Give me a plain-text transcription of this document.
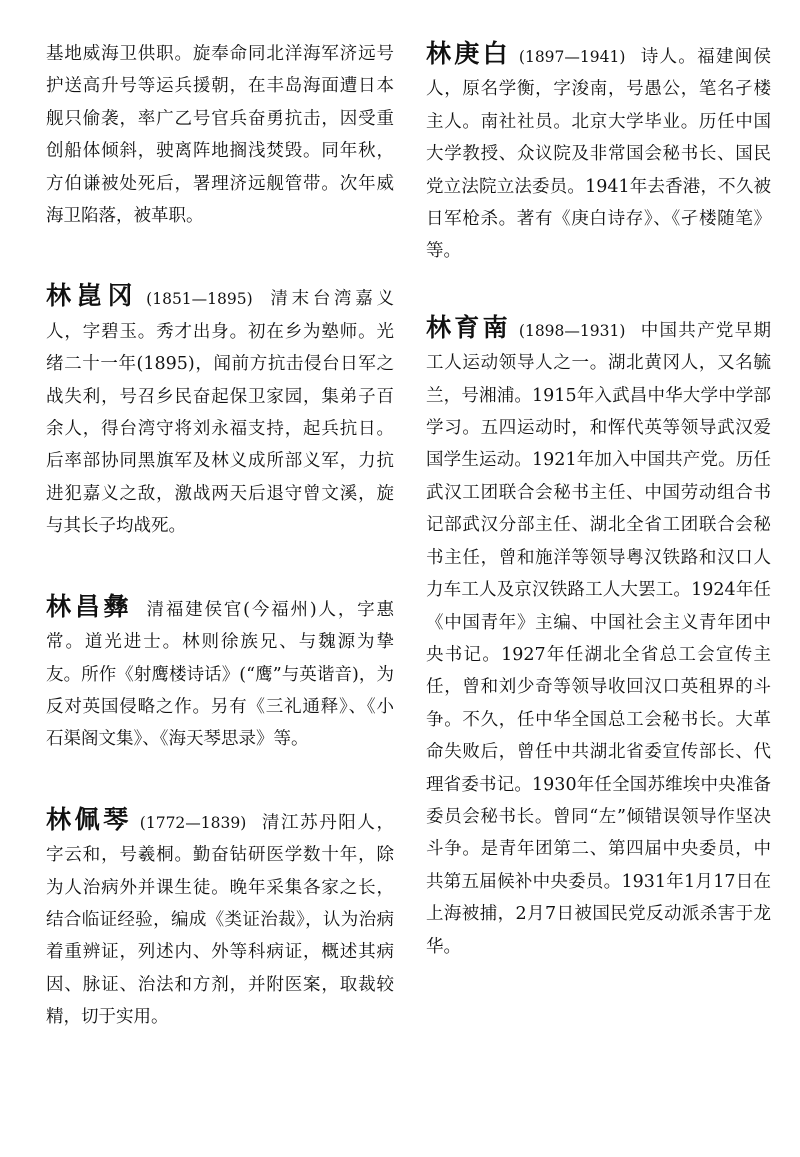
基地威海卫供职。旋奉命同北洋海军济远号护送高升号等运兵援朝，在丰岛海面遭日本舰只偷袭，率广乙号官兵奋勇抗击，因受重创船体倾斜，驶离阵地搁浅焚毁。同年秋，方伯谦被处死后，署理济远舰管带。次年威海卫陷落，被革职。
林崑冈 (1851—1895) 清末台湾嘉义人，字碧玉。秀才出身。初在乡为塾师。光绪二十一年(1895)，闻前方抗击侵台日军之战失利，号召乡民奋起保卫家园，集弟子百余人，得台湾守将刘永福支持，起兵抗日。后率部协同黑旗军及林义成所部义军，力抗进犯嘉义之敌，激战两天后退守曾文溪，旋与其长子均战死。
林昌彝 清福建侯官(今福州)人，字惠常。道光进士。林则徐族兄、与魏源为挚友。所作《射鹰楼诗话》(“鹰”与英谐音)，为反对英国侵略之作。另有《三礼通释》、《小石渠阁文集》、《海天琴思录》等。
林佩琴 (1772—1839) 清江苏丹阳人，字云和，号羲桐。勤奋钻研医学数十年，除为人治病外并课生徒。晚年采集各家之长，结合临证经验，编成《类证治裁》，认为治病着重辨证，列述内、外等科病证，概述其病因、脉证、治法和方剂，并附医案，取裁较精，切于实用。
林庚白 (1897—1941) 诗人。福建闽侯人，原名学衡，字浚南，号愚公，笔名孑楼主人。南社社员。北京大学毕业。历任中国大学教授、众议院及非常国会秘书长、国民党立法院立法委员。1941年去香港，不久被日军枪杀。著有《庚白诗存》、《孑楼随笔》等。
林育南 (1898—1931) 中国共产党早期工人运动领导人之一。湖北黄冈人，又名毓兰，号湘浦。1915年入武昌中华大学中学部学习。五四运动时，和恽代英等领导武汉爱国学生运动。1921年加入中国共产党。历任武汉工团联合会秘书主任、中国劳动组合书记部武汉分部主任、湖北全省工团联合会秘书主任，曾和施洋等领导粤汉铁路和汉口人力车工人及京汉铁路工人大罢工。1924年任《中国青年》主编、中国社会主义青年团中央书记。1927年任湖北全省总工会宣传主任，曾和刘少奇等领导收回汉口英租界的斗争。不久，任中华全国总工会秘书长。大革命失败后，曾任中共湖北省委宣传部长、代理省委书记。1930年任全国苏维埃中央准备委员会秘书长。曾同“左”倾错误领导作坚决斗争。是青年团第二、第四届中央委员，中共第五届候补中央委员。1931年1月17日在上海被捕，2月7日被国民党反动派杀害于龙华。
